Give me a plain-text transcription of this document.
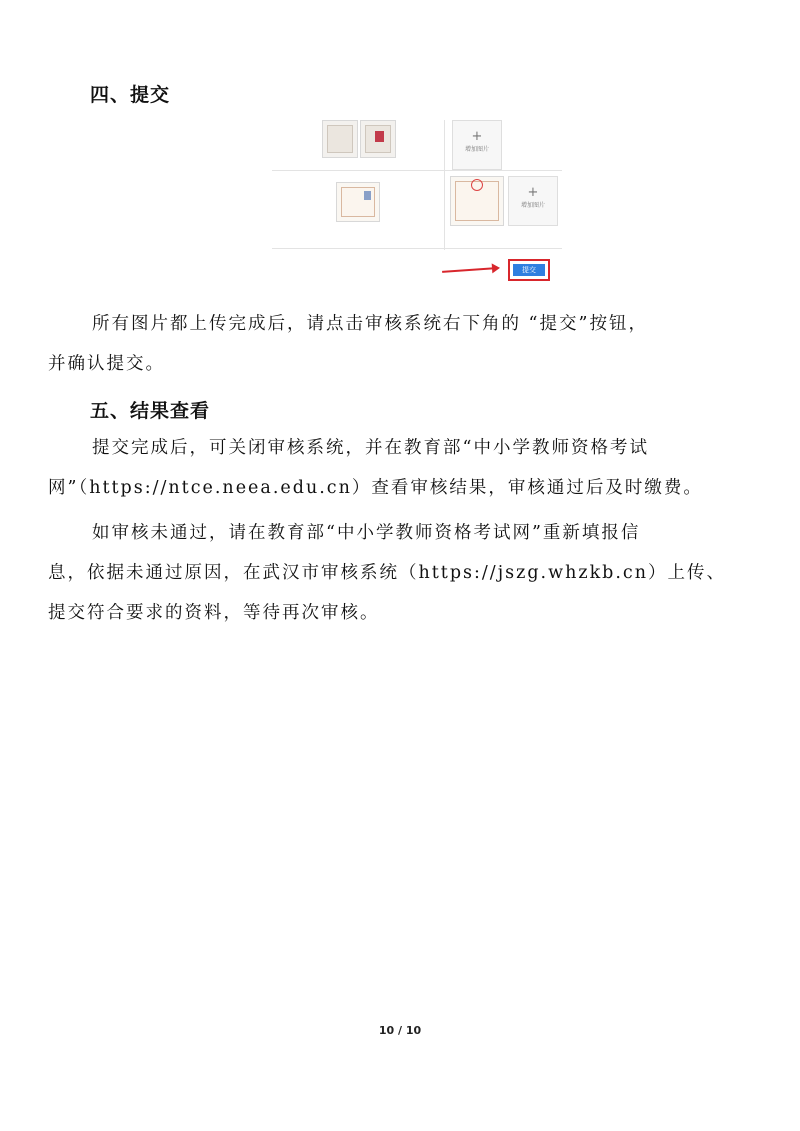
四、提交
+
增加图片
+
增加图片
提交

所有图片都上传完成后，请点击审核系统右下角的 “提交”按钮，
并确认提交。

五、结果查看

提交完成后，可关闭审核系统，并在教育部“中小学教师资格考试
网”（https://ntce.neea.edu.cn）查看审核结果，审核通过后及时缴费。

如审核未通过，请在教育部“中小学教师资格考试网”重新填报信
息，依据未通过原因，在武汉市审核系统（https://jszg.whzkb.cn）上传、
提交符合要求的资料，等待再次审核。

10 / 10
